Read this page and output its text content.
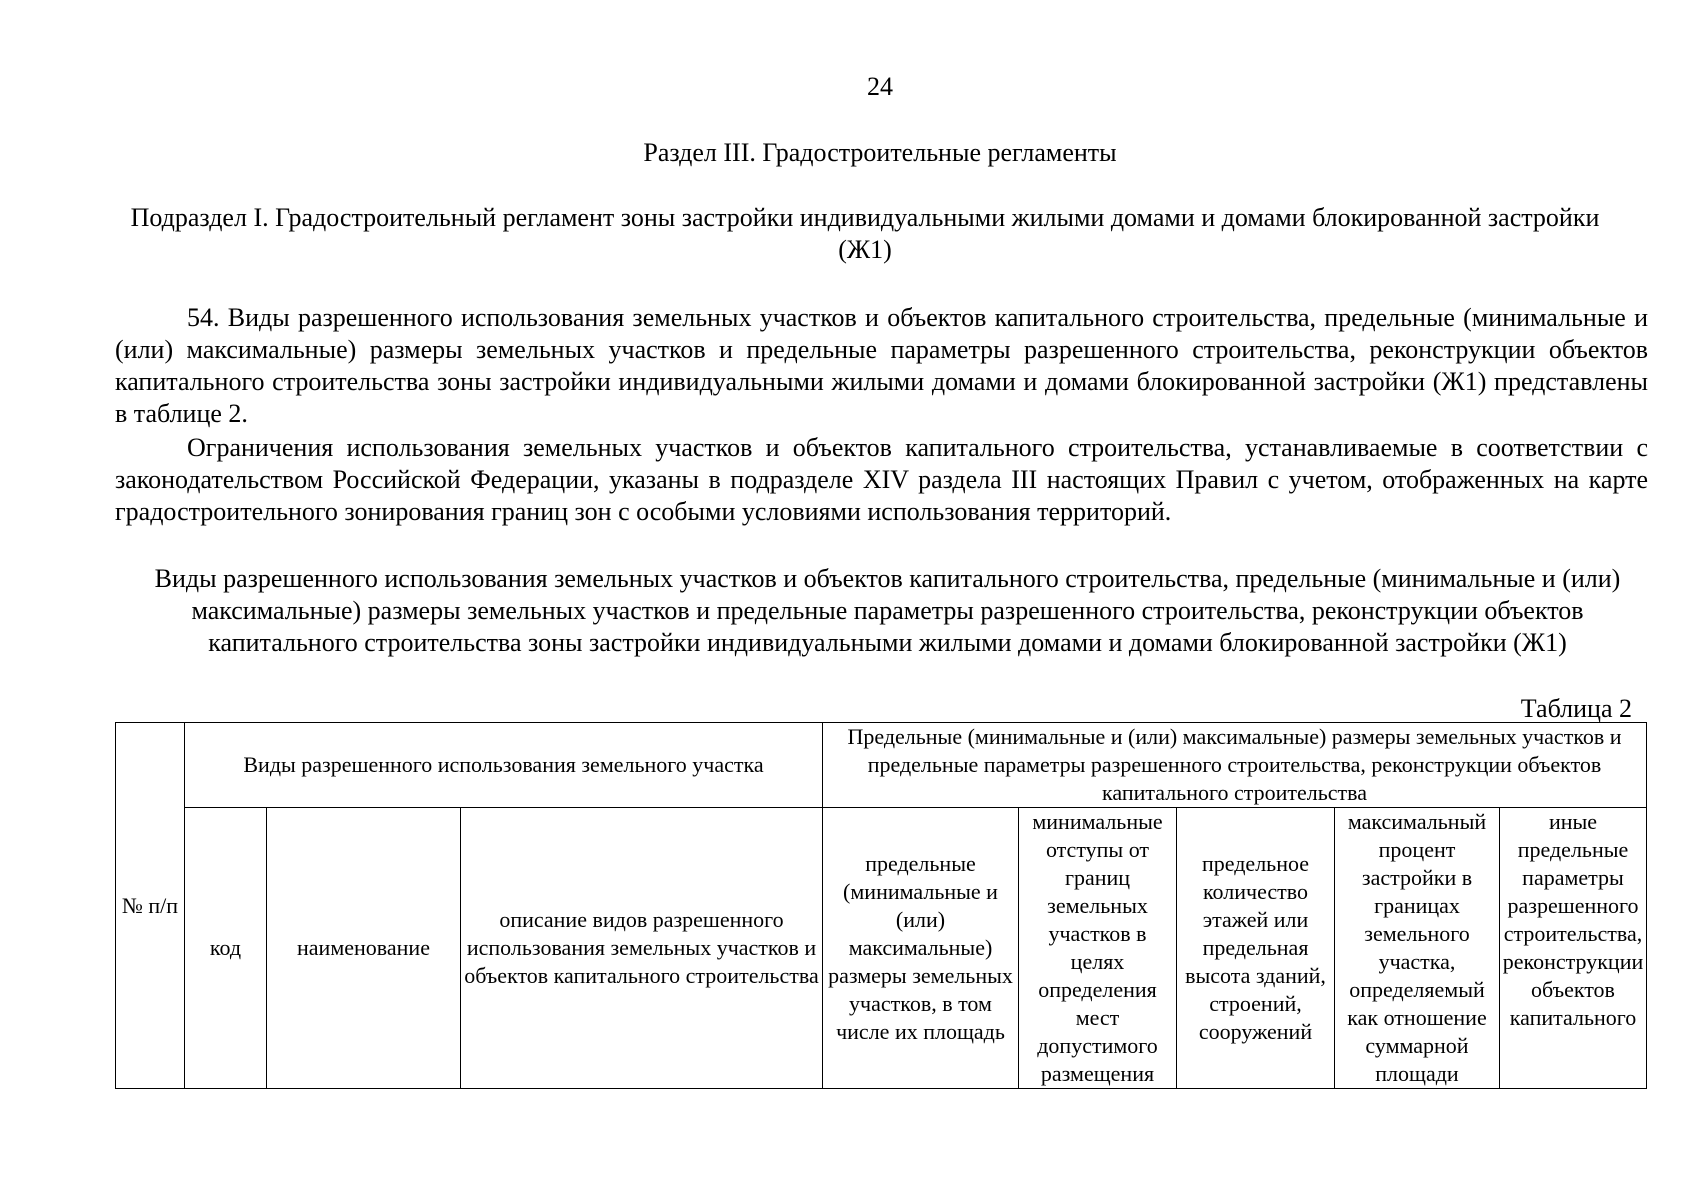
24
Раздел III. Градостроительные регламенты
Подраздел I. Градостроительный регламент зоны застройки индивидуальными жилыми домами и домами блокированной застройки (Ж1)
54. Виды разрешенного использования земельных участков и объектов капитального строительства, предельные (минимальные и (или) максимальные) размеры земельных участков и предельные параметры разрешенного строительства, реконструкции объектов капитального строительства зоны застройки индивидуальными жилыми домами и домами блокированной застройки (Ж1) представлены в таблице 2.
Ограничения использования земельных участков и объектов капитального строительства, устанавливаемые в соответствии с законодательством Российской Федерации, указаны в подразделе XIV раздела III настоящих Правил с учетом, отображенных на карте градостроительного зонирования границ зон с особыми условиями использования территорий.
Виды разрешенного использования земельных участков и объектов капитального строительства, предельные (минимальные и (или) максимальные) размеры земельных участков и предельные параметры разрешенного строительства, реконструкции объектов капитального строительства зоны застройки индивидуальными жилыми домами и домами блокированной застройки (Ж1)
Таблица 2
№ п/п	Виды разрешенного использования земельного участка			Предельные (минимальные и (или) максимальные) размеры земельных участков и предельные параметры разрешенного строительства, реконструкции объектов капитального строительства				
	код	наименование	описание видов разрешенного использования земельных участков и объектов капитального строительства	предельные (минимальные и (или) максимальные) размеры земельных участков, в том числе их площадь	минимальные отступы от границ земельных участков в целях определения мест допустимого размещения	предельное количество этажей или предельная высота зданий, строений, сооружений	максимальный процент застройки в границах земельного участка, определяемый как отношение суммарной площади	иные предельные параметры разрешенного строительства, реконструкции объектов капитального
